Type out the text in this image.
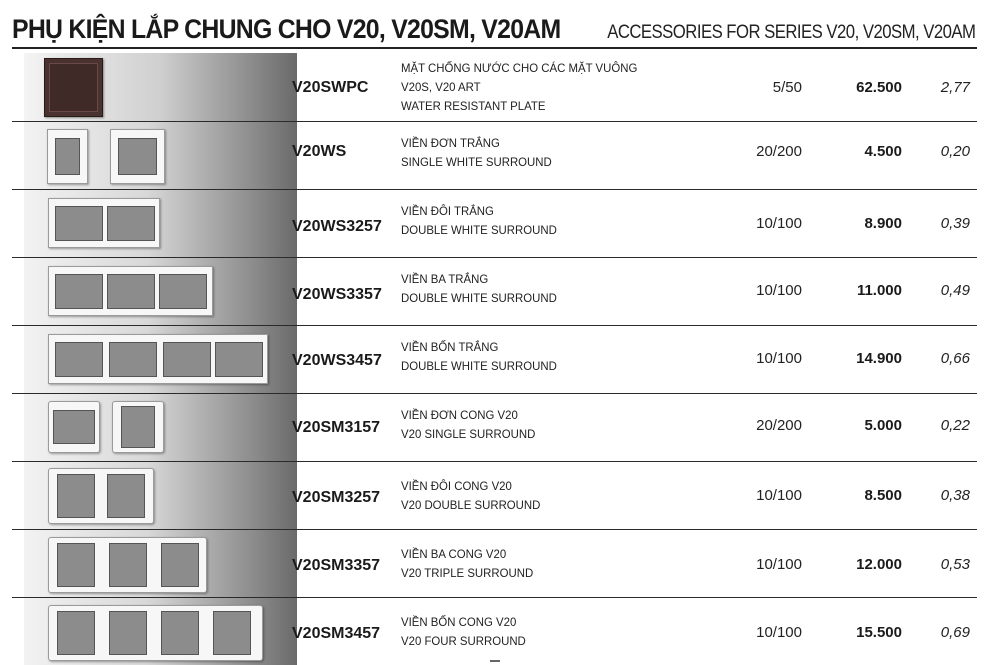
PHỤ KIỆN LẮP CHUNG CHO V20, V20SM, V20AM ACCESSORIES FOR SERIES V20, V20SM, V20AM
V20SWPC
MẶT CHỐNG NƯỚC CHO CÁC MẶT VUÔNG
V20S, V20 ART
WATER RESISTANT PLATE
5/50	62.500	2,77
V20WS	VIỀN ĐƠN TRẮNG
SINGLE WHITE SURROUND
20/200	4.500	0,20
V20WS3257
VIỀN ĐÔI TRẮNG
DOUBLE WHITE SURROUND	10/100	8.900	0,39
V20WS3357
VIỀN BA TRẮNG
DOUBLE WHITE SURROUND	10/100	11.000	0,49
V20WS3457
VIỀN BỐN TRẮNG
DOUBLE WHITE SURROUND	10/100	14.900	0,66
V20SM3157
VIỀN ĐƠN CONG V20
V20 SINGLE SURROUND	20/200	5.000	0,22
V20SM3257
VIỀN ĐÔI CONG V20
V20 DOUBLE SURROUND
10/100	8.500	0,38
V20SM3357
VIỀN BA CONG V20
V20 TRIPLE SURROUND	10/100	12.000	0,53
V20SM3457
VIỀN BỐN CONG V20
V20 FOUR SURROUND	10/100	15.500	0,69
